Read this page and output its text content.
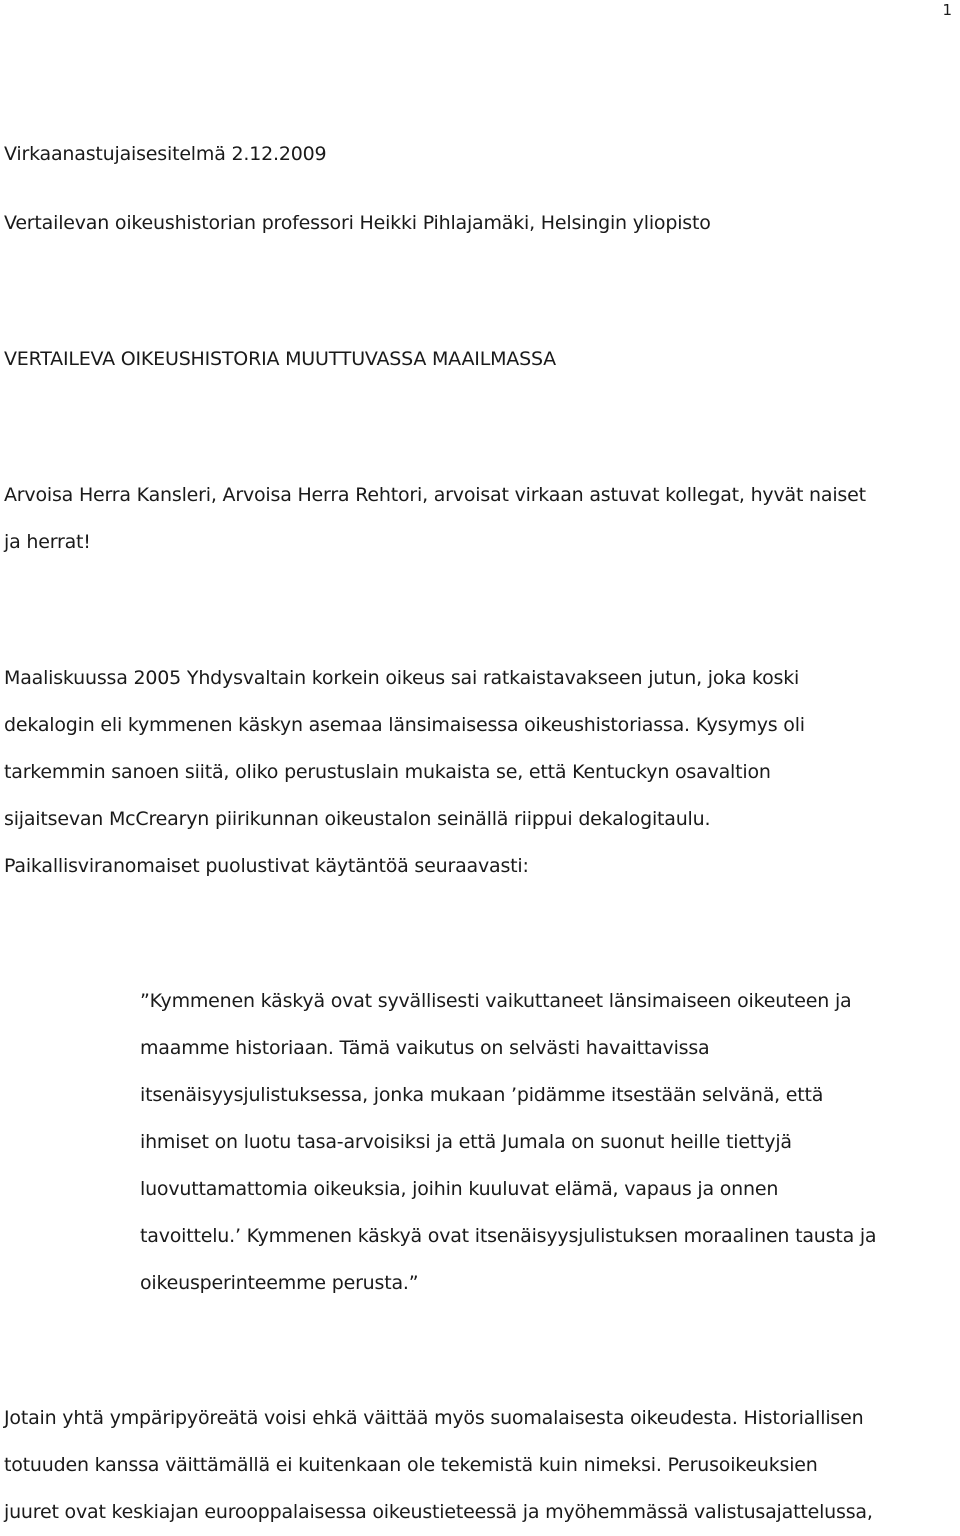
1
Virkaanastujaisesitelmä 2.12.2009
Vertailevan oikeushistorian professori Heikki Pihlajamäki, Helsingin yliopisto
VERTAILEVA OIKEUSHISTORIA MUUTTUVASSA MAAILMASSA

Arvoisa Herra Kansleri, Arvoisa Herra Rehtori, arvoisat virkaan astuvat kollegat, hyvät naiset
ja herrat!

Maaliskuussa 2005 Yhdysvaltain korkein oikeus sai ratkaistavakseen jutun, joka koski
dekalogin eli kymmenen käskyn asemaa länsimaisessa oikeushistoriassa. Kysymys oli
tarkemmin sanoen siitä, oliko perustuslain mukaista se, että Kentuckyn osavaltion
sijaitsevan McCrearyn piirikunnan oikeustalon seinällä riippui dekalogitaulu.
Paikallisviranomaiset puolustivat käytäntöä seuraavasti:

”Kymmenen käskyä ovat syvällisesti vaikuttaneet länsimaiseen oikeuteen ja
maamme historiaan. Tämä vaikutus on selvästi havaittavissa
itsenäisyysjulistuksessa, jonka mukaan ’pidämme itsestään selvänä, että
ihmiset on luotu tasa-arvoisiksi ja että Jumala on suonut heille tiettyjä
luovuttamattomia oikeuksia, joihin kuuluvat elämä, vapaus ja onnen
tavoittelu.’ Kymmenen käskyä ovat itsenäisyysjulistuksen moraalinen tausta ja
oikeusperinteemme perusta.”

Jotain yhtä ympäripyöreätä voisi ehkä väittää myös suomalaisesta oikeudesta. Historiallisen
totuuden kanssa väittämällä ei kuitenkaan ole tekemistä kuin nimeksi. Perusoikeuksien
juuret ovat keskiajan eurooppalaisessa oikeustieteessä ja myöhemmässä valistusajattelussa,
